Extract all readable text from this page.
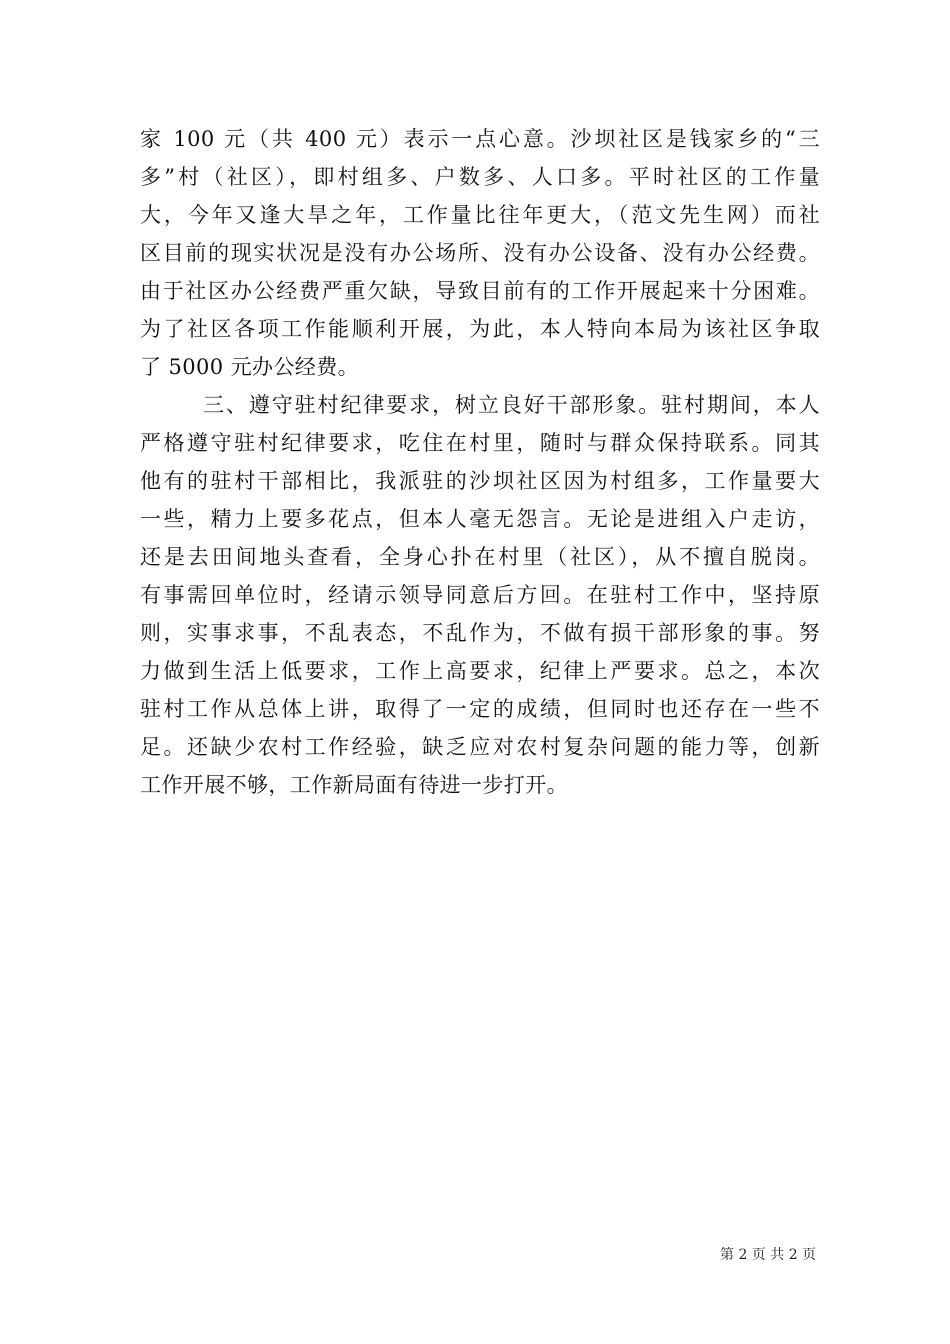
家 100 元（共 400 元）表示一点心意。沙坝社区是钱家乡的“三
多”村（社区），即村组多、户数多、人口多。平时社区的工作量
大，今年又逢大旱之年，工作量比往年更大，（范文先生网）而社
区目前的现实状况是没有办公场所、没有办公设备、没有办公经费。
由于社区办公经费严重欠缺，导致目前有的工作开展起来十分困难。
为了社区各项工作能顺利开展，为此，本人特向本局为该社区争取
了 5000 元办公经费。
三、遵守驻村纪律要求，树立良好干部形象。驻村期间，本人
严格遵守驻村纪律要求，吃住在村里，随时与群众保持联系。同其
他有的驻村干部相比，我派驻的沙坝社区因为村组多，工作量要大
一些，精力上要多花点，但本人毫无怨言。无论是进组入户走访，
还是去田间地头查看，全身心扑在村里（社区），从不擅自脱岗。
有事需回单位时，经请示领导同意后方回。在驻村工作中，坚持原
则，实事求事，不乱表态，不乱作为，不做有损干部形象的事。努
力做到生活上低要求，工作上高要求，纪律上严要求。总之，本次
驻村工作从总体上讲，取得了一定的成绩，但同时也还存在一些不
足。还缺少农村工作经验，缺乏应对农村复杂问题的能力等，创新
工作开展不够，工作新局面有待进一步打开。
第 2 页 共 2 页
